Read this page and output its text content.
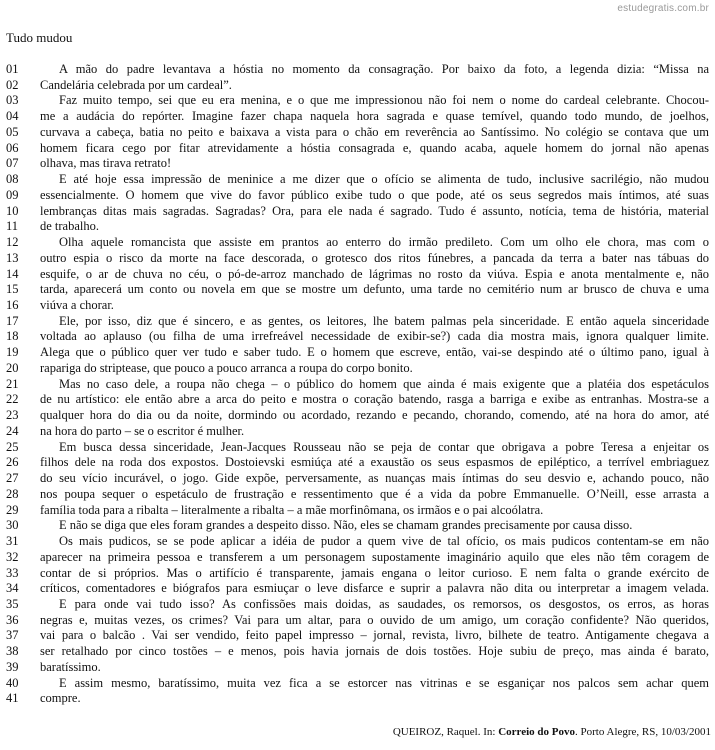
estudegratis.com.br
Tudo mudou
01	A mão do padre levantava a hóstia no momento da consagração. Por baixo da foto, a legenda dizia: “Missa na
02	Candelária celebrada por um cardeal”.
03	Faz muito tempo, sei que eu era menina, e o que me impressionou não foi nem o nome do cardeal celebrante. Chocou-
04	me a audácia do repórter. Imagine fazer chapa naquela hora sagrada e quase temível, quando todo mundo, de joelhos,
05	curvava a cabeça, batia no peito e baixava a vista para o chão em reverência ao Santíssimo. No colégio se contava que um
06	homem ficara cego por fitar atrevidamente a hóstia consagrada e, quando acaba, aquele homem do jornal não apenas
07	olhava, mas tirava retrato!
08	E até hoje essa impressão de meninice a me dizer que o ofício se alimenta de tudo, inclusive sacrilégio, não mudou
09	essencialmente. O homem que vive do favor público exibe tudo o que pode, até os seus segredos mais íntimos, até suas
10	lembranças ditas mais sagradas. Sagradas? Ora, para ele nada é sagrado. Tudo é assunto, notícia, tema de história, material
11	de trabalho.
12	Olha aquele romancista que assiste em prantos ao enterro do irmão predileto. Com um olho ele chora, mas com o
13	outro espia o risco da morte na face descorada, o grotesco dos ritos fúnebres, a pancada da terra a bater nas tábuas do
14	esquife, o ar de chuva no céu, o pó-de-arroz manchado de lágrimas no rosto da viúva. Espia e anota mentalmente e, não
15	tarda, aparecerá um conto ou novela em que se mostre um defunto, uma tarde no cemitério num ar brusco de chuva e uma
16	viúva a chorar.
17	Ele, por isso, diz que é sincero, e as gentes, os leitores, lhe batem palmas pela sinceridade. E então aquela sinceridade
18	voltada ao aplauso (ou filha de uma irrefreável necessidade de exibir-se?) cada dia mostra mais, ignora qualquer limite.
19	Alega que o público quer ver tudo e saber tudo. E o homem que escreve, então, vai-se despindo até o último pano, igual à
20	rapariga do striptease, que pouco a pouco arranca a roupa do corpo bonito.
21	Mas no caso dele, a roupa não chega – o público do homem que ainda é mais exigente que a platéia dos espetáculos
22	de nu artístico: ele então abre a arca do peito e mostra o coração batendo, rasga a barriga e exibe as entranhas. Mostra-se a
23	qualquer hora do dia ou da noite, dormindo ou acordado, rezando e pecando, chorando, comendo, até na hora do amor, até
24	na hora do parto – se o escritor é mulher.
25	Em busca dessa sinceridade, Jean-Jacques Rousseau não se peja de contar que obrigava a pobre Teresa a enjeitar os
26	filhos dele na roda dos expostos. Dostoievski esmiúça até a exaustão os seus espasmos de epiléptico, a terrível embriaguez
27	do seu vício incurável, o jogo. Gide expõe, perversamente, as nuanças mais íntimas do seu desvio e, achando pouco, não
28	nos poupa sequer o espetáculo de frustração e ressentimento que é a vida da pobre Emmanuelle. O’Neill, esse arrasta a
29	família toda para a ribalta – literalmente a ribalta – a mãe morfinômana, os irmãos e o pai alcoólatra.
30	E não se diga que eles foram grandes a despeito disso. Não, eles se chamam grandes precisamente por causa disso.
31	Os mais pudicos, se se pode aplicar a idéia de pudor a quem vive de tal ofício, os mais pudicos contentam-se em não
32	aparecer na primeira pessoa e transferem a um personagem supostamente imaginário aquilo que eles não têm coragem de
33	contar de si próprios. Mas o artifício é transparente, jamais engana o leitor curioso. E nem falta o grande exército de
34	críticos, comentadores e biógrafos para esmiuçar o leve disfarce e suprir a palavra não dita ou interpretar a imagem velada.
35	E para onde vai tudo isso? As confissões mais doidas, as saudades, os remorsos, os desgostos, os erros, as horas
36	negras e, muitas vezes, os crimes? Vai para um altar, para o ouvido de um amigo, um coração confidente? Não queridos,
37	vai para o balcão . Vai ser vendido, feito papel impresso – jornal, revista, livro, bilhete de teatro. Antigamente chegava a
38	ser retalhado por cinco tostões – e menos, pois havia jornais de dois tostões. Hoje subiu de preço, mas ainda é barato,
39	baratíssimo.
40	E assim mesmo, baratíssimo, muita vez fica a se estorcer nas vitrinas e se esganiçar nos palcos sem achar quem
41	compre.
QUEIROZ, Raquel. In: Correio do Povo. Porto Alegre, RS, 10/03/2001
